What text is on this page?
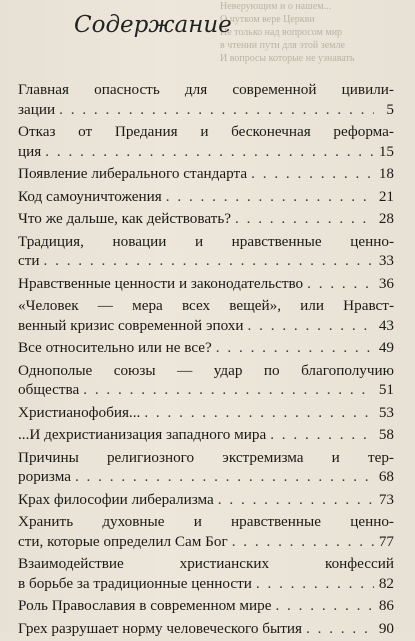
Неверующим и о нашем...
О чутком вере Церкви
Не только над вопросом мир
в чтении пути для этой земле
И вопросы которые не узнавать
Содержание
Главная опасность для современной цивили-
зации . . .	5
Отказ от Предания и бесконечная реформа-
ция . . .	15
Появление либерального стандарта . . .	18
Код самоуничтожения . . .	21
Что же дальше, как действовать? . . .	28
Традиция, новации и нравственные ценно-
сти . . .	33
Нравственные ценности и законодательство . . .	36
«Человек — мера всех вещей», или Нравст-
венный кризис современной эпохи . . .	43
Все относительно или не все? . . .	49
Однополые союзы — удар по благополучию
общества . . .	51
Христианофобия... . . .	53
...И дехристианизация западного мира . . .	58
Причины религиозного экстремизма и тер-
роризма . . .	68
Крах философии либерализма . . .	73
Хранить духовные и нравственные ценно-
сти, которые определил Сам Бог . . .	77
Взаимодействие христианских конфессий
в борьбе за традиционные ценности . . .	82
Роль Православия в современном мире . . .	86
Грех разрушает норму человеческого бытия . . .	90
